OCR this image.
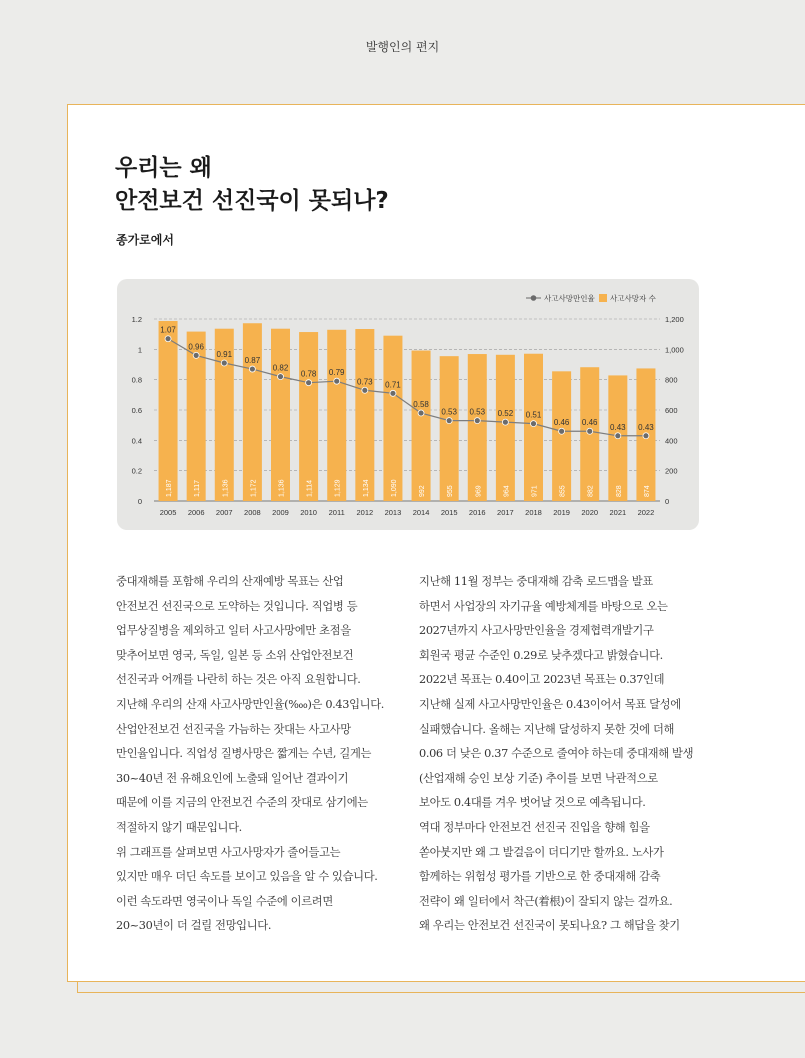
발행인의 편지
우리는 왜
안전보건 선진국이 못되나?
종가로에서
0
0.2
0.4
0.6
0.8
1
1.2
0
200
400
600
800
1,000
1,200
1,187	1,117	1,136	1,172	1,136	1,114	1,129	1,134	1,090	992	955	969	964	971	855	882	828	874
2005 2006 2007 2008 2009 2010 2011 2012 2013 2014 2015 2016 2017 2018 2019 2020 2021 2022
1.07
0.96
0.91
0.87
0.82
0.78 0.79
0.73 0.71
0.58
0.53 0.53 0.52 0.51
0.46 0.46
0.43 0.43
사고사망만인율 사고사망자 수

중대재해를 포함해 우리의 산재예방 목표는 산업

안전보건 선진국으로 도약하는 것입니다. 직업병 등

업무상질병을 제외하고 일터 사고사망에만 초점을

맞추어보면 영국, 독일, 일본 등 소위 산업안전보건

선진국과 어깨를 나란히 하는 것은 아직 요원합니다.

지난해 우리의 산재 사고사망만인율(‱)은 0.43입니다.

산업안전보건 선진국을 가늠하는 잣대는 사고사망

만인율입니다. 직업성 질병사망은 짧게는 수년, 길게는

30~40년 전 유해요인에 노출돼 일어난 결과이기

때문에 이를 지금의 안전보건 수준의 잣대로 삼기에는

적절하지 않기 때문입니다.

위 그래프를 살펴보면 사고사망자가 줄어들고는

있지만 매우 더딘 속도를 보이고 있음을 알 수 있습니다.

이런 속도라면 영국이나 독일 수준에 이르려면

20~30년이 더 걸릴 전망입니다.

지난해 11월 정부는 중대재해 감축 로드맵을 발표

하면서 사업장의 자기규율 예방체계를 바탕으로 오는

2027년까지 사고사망만인율을 경제협력개발기구

회원국 평균 수준인 0.29로 낮추겠다고 밝혔습니다.

2022년 목표는 0.40이고 2023년 목표는 0.37인데

지난해 실제 사고사망만인율은 0.43이어서 목표 달성에

실패했습니다. 올해는 지난해 달성하지 못한 것에 더해

0.06 더 낮은 0.37 수준으로 줄여야 하는데 중대재해 발생

(산업재해 승인 보상 기준) 추이를 보면 낙관적으로

보아도 0.4대를 겨우 벗어날 것으로 예측됩니다.

역대 정부마다 안전보건 선진국 진입을 향해 힘을

쏟아붓지만 왜 그 발걸음이 더디기만 할까요. 노사가

함께하는 위험성 평가를 기반으로 한 중대재해 감축

전략이 왜 일터에서 착근(着根)이 잘되지 않는 걸까요.

왜 우리는 안전보건 선진국이 못되나요? 그 해답을 찾기
